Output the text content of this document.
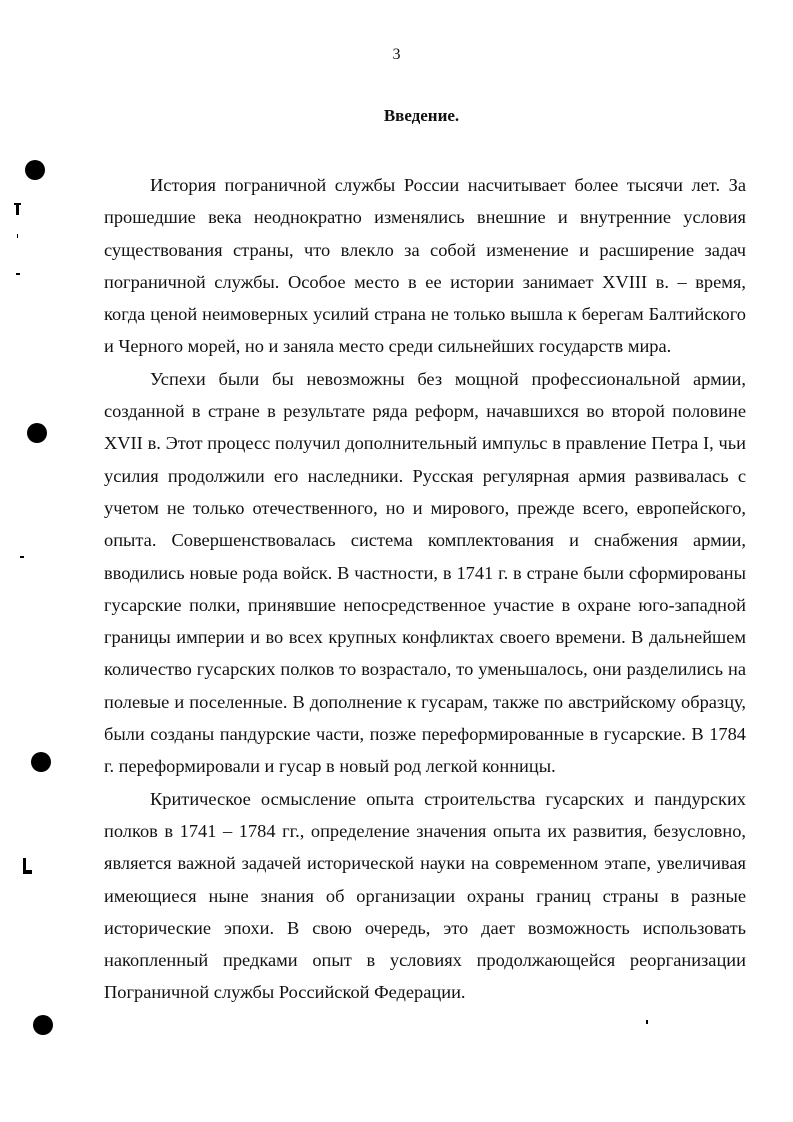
3
Введение.

История пограничной службы России насчитывает более тысячи лет. За прошедшие века неоднократно изменялись внешние и внутренние условия существования страны, что влекло за собой изменение и расширение задач пограничной службы. Особое место в ее истории занимает XVIII в. – время, когда ценой неимоверных усилий страна не только вышла к берегам Балтийского и Черного морей, но и заняла место среди сильнейших государств мира.

Успехи были бы невозможны без мощной профессиональной армии, созданной в стране в результате ряда реформ, начавшихся во второй половине XVII в. Этот процесс получил дополнительный импульс в правление Петра I, чьи усилия продолжили его наследники. Русская регулярная армия развивалась с учетом не только отечественного, но и мирового, прежде всего, европейского, опыта. Совершенствовалась система комплектования и снабжения армии, вводились новые рода войск. В частности, в 1741 г. в стране были сформированы гусарские полки, принявшие непосредственное участие в охране юго-западной границы империи и во всех крупных конфликтах своего времени. В дальнейшем количество гусарских полков то возрастало, то уменьшалось, они разделились на полевые и поселенные. В дополнение к гусарам, также по австрийскому образцу, были созданы пандурские части, позже переформированные в гусарские. В 1784 г. переформировали и гусар в новый род легкой конницы.

Критическое осмысление опыта строительства гусарских и пандурских полков в 1741 – 1784 гг., определение значения опыта их развития, безусловно, является важной задачей исторической науки на современном этапе, увеличивая имеющиеся ныне знания об организации охраны границ страны в разные исторические эпохи. В свою очередь, это дает возможность использовать накопленный предками опыт в условиях продолжающейся реорганизации Пограничной службы Российской Федерации.
